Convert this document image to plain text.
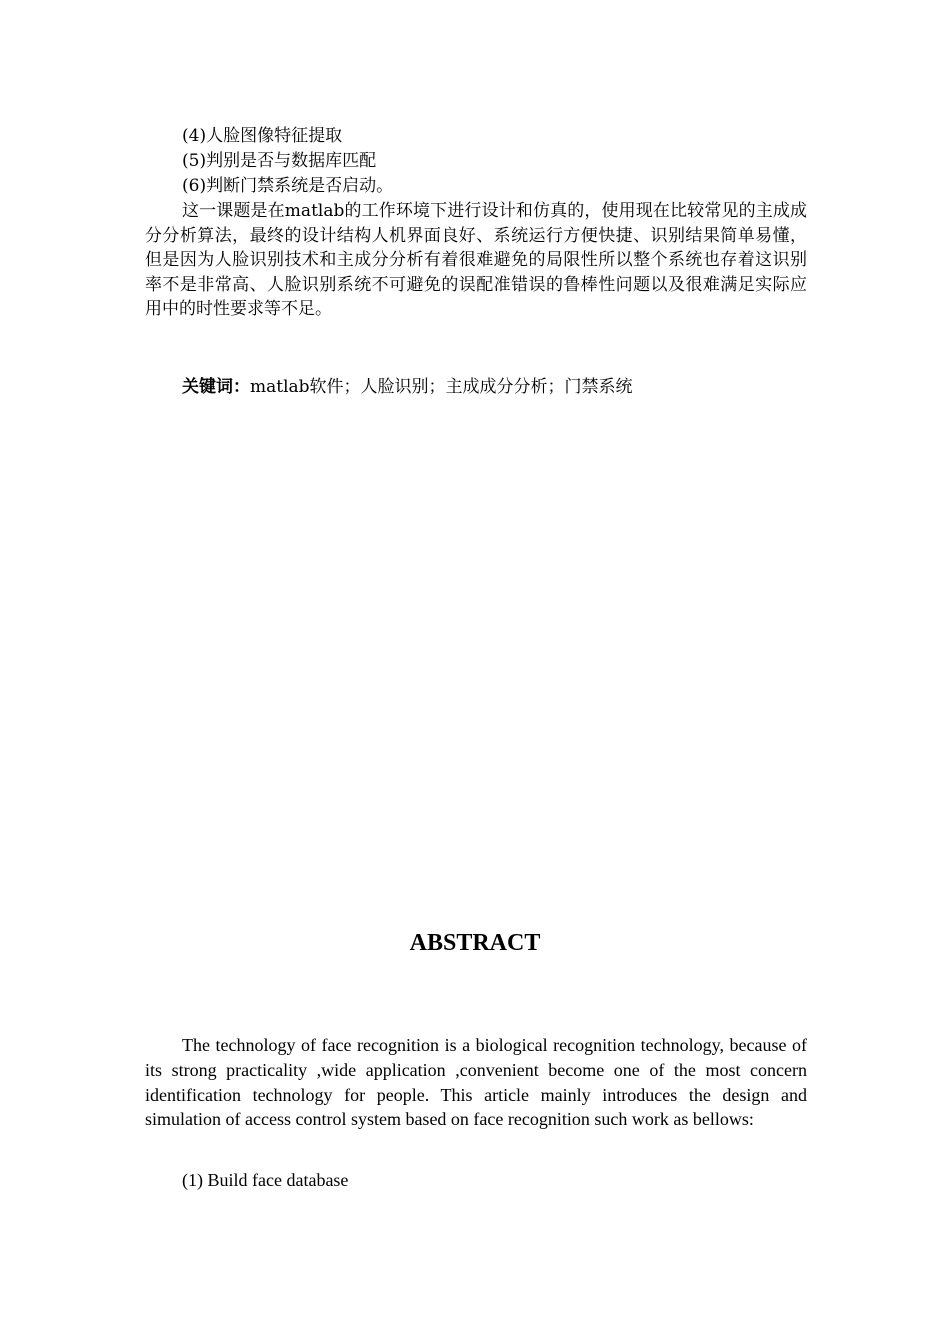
(4)人脸图像特征提取
(5)判别是否与数据库匹配
(6)判断门禁系统是否启动。
这一课题是在matlab的工作环境下进行设计和仿真的，使用现在比较常见的主成成分分析算法，最终的设计结构人机界面良好、系统运行方便快捷、识别结果简单易懂，但是因为人脸识别技术和主成分分析有着很难避免的局限性所以整个系统也存着这识别率不是非常高、人脸识别系统不可避免的误配准错误的鲁棒性问题以及很难满足实际应用中的时性要求等不足。
关键词：matlab软件；人脸识别；主成成分分析；门禁系统
ABSTRACT
The technology of face recognition is a biological recognition technology, because of its strong practicality ,wide application ,convenient become one of the most concern identification technology for people. This article mainly introduces the design and simulation of access control system based on face recognition such work as bellows:
(1) Build face database
